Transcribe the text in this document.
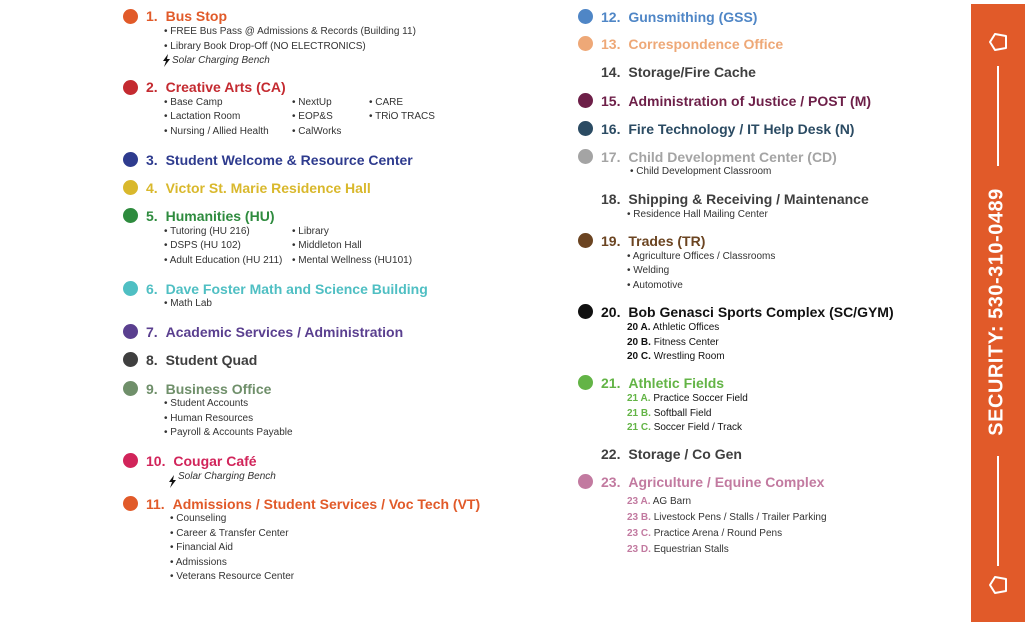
1. Bus Stop
• FREE Bus Pass @ Admissions & Records (Building 11)
• Library Book Drop-Off (NO ELECTRONICS)
Solar Charging Bench
2. Creative Arts (CA)
• Base Camp
• Lactation Room
• Nursing / Allied Health
• NextUp
• EOP&S
• CalWorks
• CARE
• TRiO TRACS
3. Student Welcome & Resource Center
4. Victor St. Marie Residence Hall
5. Humanities (HU)
• Tutoring (HU 216)
• DSPS (HU 102)
• Adult Education (HU 211)
• Library
• Middleton Hall
• Mental Wellness (HU101)
6. Dave Foster Math and Science Building
• Math Lab
7. Academic Services / Administration
8. Student Quad
9. Business Office
• Student Accounts
• Human Resources
• Payroll & Accounts Payable
10. Cougar Café
Solar Charging Bench
11. Admissions / Student Services / Voc Tech (VT)
• Counseling
• Career & Transfer Center
• Financial Aid
• Admissions
• Veterans Resource Center
12. Gunsmithing (GSS)
13. Correspondence Office
14. Storage/Fire Cache
15. Administration of Justice / POST (M)
16. Fire Technology / IT Help Desk (N)
17. Child Development Center (CD)
• Child Development Classroom
18. Shipping & Receiving / Maintenance
• Residence Hall Mailing Center
19. Trades (TR)
• Agriculture Offices / Classrooms
• Welding
• Automotive
20. Bob Genasci Sports Complex (SC/GYM)
20 A. Athletic Offices
20 B. Fitness Center
20 C. Wrestling Room
21. Athletic Fields
21 A. Practice Soccer Field
21 B. Softball Field
21 C. Soccer Field / Track
22. Storage / Co Gen
23. Agriculture / Equine Complex
23 A. AG Barn
23 B. Livestock Pens / Stalls / Trailer Parking
23 C. Practice Arena / Round Pens
23 D. Equestrian Stalls
SECURITY: 530-310-0489
